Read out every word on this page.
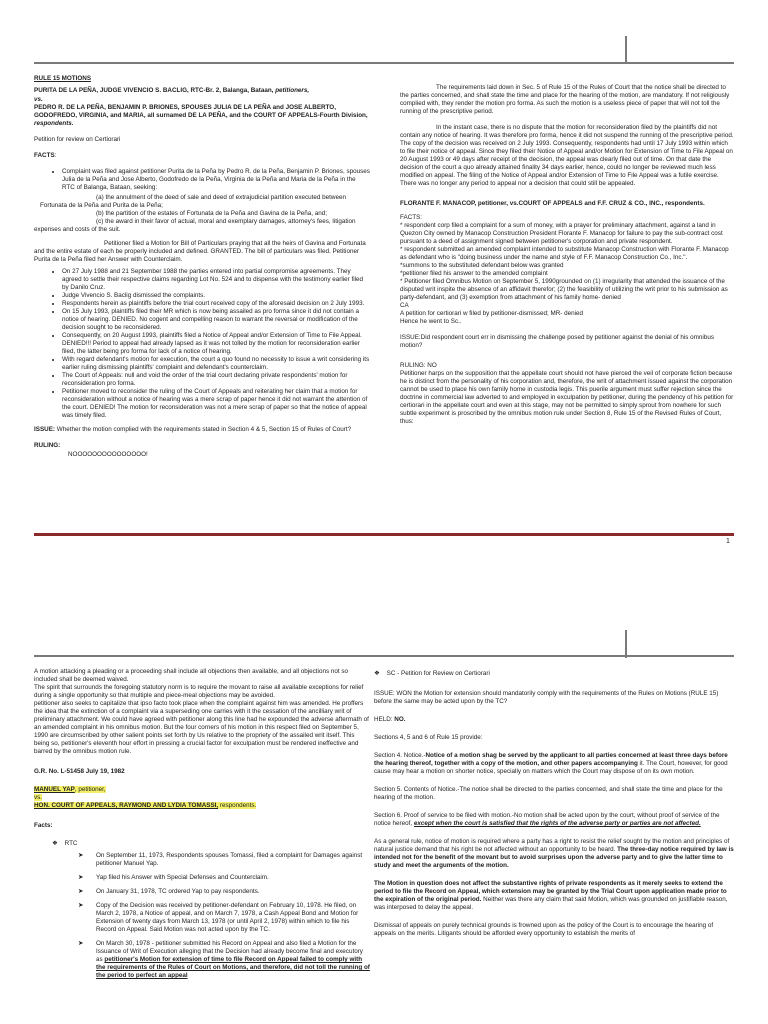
RULE 15 MOTIONS

PURITA DE LA PEÑA, JUDGE VIVENCIO S. BACLIG, RTC-Br. 2, Balanga, Bataan, petitioners,

vs.

PEDRO R. DE LA PEÑA, BENJAMIN P. BRIONES, SPOUSES JULIA DE LA PEÑA and JOSE ALBERTO, GODOFREDO, VIRGINIA, and MARIA, all surnamed DE LA PEÑA, and the COURT OF APPEALS-Fourth Division, respondents.

Petition for review on Certiorari

FACTS:

• Complaint was filed against petitioner Purita de la Peña by Pedro R. de la Peña, Benjamin P. Briones, spouses Julia de la Peña and Jose Alberto, Godofredo de la Peña, Virginia de la Peña and Maria de la Peña in the RTC of Balanga, Bataan, seeking:

(a) the annulment of the deed of sale and deed of extrajudicial partition executed between Fortunata de la Peña and Purita de la Peña;

(b) the partition of the estates of Fortunata de la Peña and Gavina de la Peña, and;

(c) the award in their favor of actual, moral and exemplary damages, attorney's fees, litigation expenses and costs of the suit.

Petitioner filed a Motion for Bill of Particulars praying that all the heirs of Gavina and Fortunata and the entire estate of each be properly included and defined. GRANTED. The bill of particulars was filed. Petitioner Purita de la Peña filed her Answer with Counterclaim.

• On 27 July 1988 and 21 September 1988 the parties entered into partial compromise agreements. They agreed to settle their respective claims regarding Lot No. 524 and to dispense with the testimony earlier filed by Danilo Cruz.
• Judge Vivencio S. Baclig dismissed the complaints.
• Respondents herein as plaintiffs before the trial court received copy of the aforesaid decision on 2 July 1993.
• On 15 July 1993, plaintiffs filed their MR which is now being assailed as pro forma since it did not contain a notice of hearing. DENIED. No cogent and compelling reason to warrant the reversal or modification of the decision sought to be reconsidered.
• Consequently, on 20 August 1993, plaintiffs filed a Notice of Appeal and/or Extension of Time to File Appeal. DENIED!!! Period to appeal had already lapsed as it was not tolled by the motion for reconsideration earlier filed, the latter being pro forma for lack of a notice of hearing.
• With regard defendant's motion for execution, the court a quo found no necessity to issue a writ considering its earlier ruling dismissing plaintiffs' complaint and defendant's counterclaim.
• The Court of Appeals: null and void the order of the trial court declaring private respondents' motion for reconsideration pro forma.
• Petitioner moved to reconsider the ruling of the Court of Appeals and reiterating her claim that a motion for reconsideration without a notice of hearing was a mere scrap of paper hence it did not warrant the attention of the court. DENIED! The motion for reconsideration was not a mere scrap of paper so that the notice of appeal was timely filed.

ISSUE: Whether the motion complied with the requirements stated in Section 4 & 5, Section 15 of Rules of Court?

RULING:

NOOOOOOOOOOOOOOO!

The requirements laid down in Sec. 5 of Rule 15 of the Rules of Court that the notice shall be directed to the parties concerned, and shall state the time and place for the hearing of the motion, are mandatory. If not religiously complied with, they render the motion pro forma. As such the motion is a useless piece of paper that will not toll the running of the prescriptive period.

In the instant case, there is no dispute that the motion for reconsideration filed by the plaintiffs did not contain any notice of hearing. It was therefore pro forma, hence it did not suspend the running of the prescriptive period. The copy of the decision was received on 2 July 1993. Consequently, respondents had until 17 July 1993 within which to file their notice of appeal. Since they filed their Notice of Appeal and/or Motion for Extension of Time to File Appeal on 20 August 1993 or 49 days after receipt of the decision, the appeal was clearly filed out of time. On that date the decision of the court a quo already attained finality 34 days earlier, hence, could no longer be reviewed much less modified on appeal. The filing of the Notice of Appeal and/or Extension of Time to File Appeal was a futile exercise. There was no longer any period to appeal nor a decision that could still be appealed.

FLORANTE F. MANACOP, petitioner, vs.COURT OF APPEALS and F.F. CRUZ & CO., INC., respondents.

FACTS:

* respondent corp filed a complaint for a sum of money, with a prayer for preliminary attachment, against a land in Quezon City owned by Manacop Construction President Florante F. Manacop for failure to pay the sub-contract cost pursuant to a deed of assignment signed between petitioner's corporation and private respondent.
* respondent submitted an amended complaint intended to substitute Manacop Construction with Florante F. Manacop as defendant who is "doing business under the name and style of F.F. Manacop Construction Co., Inc.".
*summons to the substituted defendant below was granted
*petitioner filed his answer to the amended complaint
* Petitioner filed Omnibus Motion on September 5, 1990grounded on (1) irregularity that attended the issuance of the disputed writ inspite the absence of an affidavit therefor; (2) the feasibility of utilizing the writ prior to his submission as party-defendant, and (3) exemption from attachment of his family home- denied
CA
A petition for certiorari w filed by petitioner-dismissed; MR- denied
Hence he went to Sc..

ISSUE:Did respondent court err in dismissing the challenge posed by petitioner against the denial of his omnibus motion?

RULING: NO

Petitioner harps on the supposition that the appellate court should not have pierced the veil of corporate fiction because he is distinct from the personality of his corporation and, therefore, the writ of attachment issued against the corporation cannot be used to place his own family home in custodia legis. This puerile argument must suffer rejection since the doctrine in commercial law adverted to and employed in exculpation by petitioner, during the pendency of his petition for certiorari in the appellate court and even at this stage, may not be permitted to simply sprout from nowhere for such subtle experiment is proscribed by the omnibus motion rule under Section 8, Rule 15 of the Revised Rules of Court, thus:

1

A motion attacking a pleading or a proceeding shall include all objections then available, and all objections not so included shall be deemed waived.

The spirit that surrounds the foregoing statutory norm is to require the movant to raise all available exceptions for relief during a single opportunity so that multiple and piece-meal objections may be avoided.

petitioner also seeks to capitalize that ipso facto took place when the complaint against him was amended. He proffers the idea that the extinction of a complaint via a superseding one carries with it the cessation of the ancilliary writ of preliminary attachment. We could have agreed with petitioner along this line had he expounded the adverse aftermath of an amended complaint in his omnibus motion. But the four corners of his motion in this respect filed on September 5, 1990 are circumscribed by other salient points set forth by Us relative to the propriety of the assailed writ itself. This being so, petitioner's eleventh hour effort in pressing a crucial factor for exculpation must be rendered ineffective and barred by the omnibus motion rule.

G.R. No. L-51458 July 19, 1982

MANUEL YAP, petitioner,

vs.

HON. COURT OF APPEALS, RAYMOND AND LYDIA TOMASSI, respondents.

Facts:

❖ RTC

➤ On September 11, 1973, Respondents spouses Tomassi, filed a complaint for Damages against petitioner Manuel Yap.
➤ Yap filed his Answer with Special Defenses and Counterclaim.
➤ On January 31, 1978, TC ordered Yap to pay respondents.
➤ Copy of the Decision was received by petitioner-defendant on February 10, 1978. He filed, on March 2, 1978, a Notice of appeal, and on March 7, 1978, a Cash Appeal Bond and Motion for Extension of twenty days from March 13, 1978 (or until April 2, 1978) within which to file his Record on Appeal. Said Motion was not acted upon by the TC.
➤ On March 30, 1978 - petitioner submitted his Record on Appeal and also filed a Motion for the Issuance of Writ of Execution alleging that the Decision had already become final and executory as petitioner's Motion for extension of time to file Record on Appeal failed to comply with the requirements of the Rules of Court on Motions, and therefore, did not toll the running of the period to perfect an appeal

❖ SC - Petition for Review on Certiorari

ISSUE: WON the Motion for extension should mandatorily comply with the requirements of the Rules on Motions (RULE 15) before the same may be acted upon by the TC?

HELD: NO.

Sections 4, 5 and 6 of Rule 15 provide:

Section 4. Notice.-Notice of a motion shag be served by the applicant to all parties concerned at least three days before the hearing thereof, together with a copy of the motion, and other papers accompanying it. The Court, however, for good cause may hear a motion on shorter notice, specially on matters which the Court may dispose of on its own motion.

Section 5. Contents of Notice.-The notice shall be directed to the parties concerned, and shall state the time and place for the hearing of the motion.

Section 6. Proof of service to be filed with motion.-No motion shall be acted upon by the court, without proof of service of the notice hereof, except when the court is satisfied that the rights of the adverse party or parties are not affected.

As a general rule, notice of motion is required where a party has a right to resist the relief sought by the motion and principles of natural justice demand that his right be not affected without an opportunity to be heard. The three-day notice required by law is intended not for the benefit of the movant but to avoid surprises upon the adverse party and to give the latter time to study and meet the arguments of the motion.

The Motion in question does not affect the substantive rights of private respondents as it merely seeks to extend the period to file the Record on Appeal, which extension may be granted by the Trial Court upon application made prior to the expiration of the original period. Neither was there any claim that said Motion, which was grounded on justifiable reason, was interposed to delay the appeal.

Dismissal of appeals on purely technical grounds is frowned upon as the policy of the Court is to encourage the hearing of appeals on the merits. Litigants should be afforded every opportunity to establish the merits of
